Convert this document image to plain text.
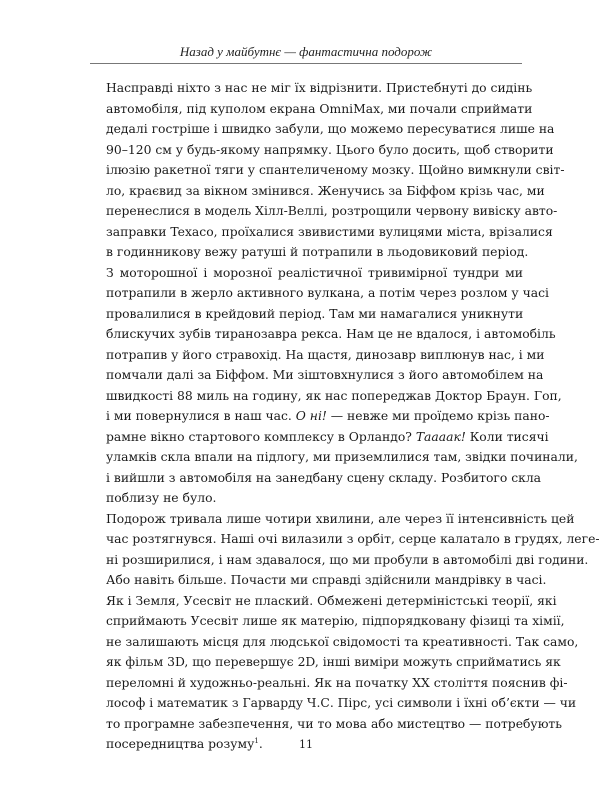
Назад у майбутнє — фантастична подорож

Насправді ніхто з нас не міг їх відрізнити. Пристебнуті до сидінь
автомобіля, під куполом екрана OmniMax, ми почали сприймати
дедалі гостріше і швидко забули, що можемо пересуватися лише на
90–120 см у будь-якому напрямку. Цього було досить, щоб створити
ілюзію ракетної тяги у спантеличеному мозку. Щойно вимкнули світ-
ло, краєвид за вікном змінився. Женучись за Біффом крізь час, ми
перенеслися в модель Хілл-Веллі, розтрощили червону вивіску авто-
заправки Texaco, проїхалися звивистими вулицями міста, врізалися
в годинникову вежу ратуші й потрапили в льодовиковий період.

З моторошної і морозної реалістичної тривимірної тундри ми
потрапили в жерло активного вулкана, а потім через розлом у часі
провалилися в крейдовий період. Там ми намагалися уникнути
блискучих зубів тиранозавра рекса. Нам це не вдалося, і автомобіль
потрапив у його стравохід. На щастя, динозавр виплюнув нас, і ми
помчали далі за Біффом. Ми зіштовхнулися з його автомобілем на
швидкості 88 миль на годину, як нас попереджав Доктор Браун. Гоп,
і ми повернулися в наш час. О ні! — невже ми проїдемо крізь пано-
рамне вікно стартового комплексу в Орландо? Таааак! Коли тисячі
уламків скла впали на підлогу, ми приземлилися там, звідки починали,
і вийшли з автомобіля на занедбану сцену складу. Розбитого скла
поблизу не було.

Подорож тривала лише чотири хвилини, але через її інтенсивність цей
час розтягнувся. Наші очі вилазили з орбіт, серце калатало в грудях, леге-
ні розширилися, і нам здавалося, що ми пробули в автомобілі дві години.
Або навіть більше. Почасти ми справді здійснили мандрівку в часі.

Як і Земля, Усесвіт не плаский. Обмежені детерміністські теорії, які
сприймають Усесвіт лише як матерію, підпорядковану фізиці та хімії,
не залишають місця для людської свідомості та креативності. Так само,
як фільм 3D, що перевершує 2D, інші виміри можуть сприйматись як
переломні й художньо-реальні. Як на початку XX століття пояснив фі-
лософ і математик з Гарварду Ч.С. Пірс, усі символи і їхні об’єкти — чи
то програмне забезпечення, чи то мова або мистецтво — потребують
посередництва розуму$^1$.	11
